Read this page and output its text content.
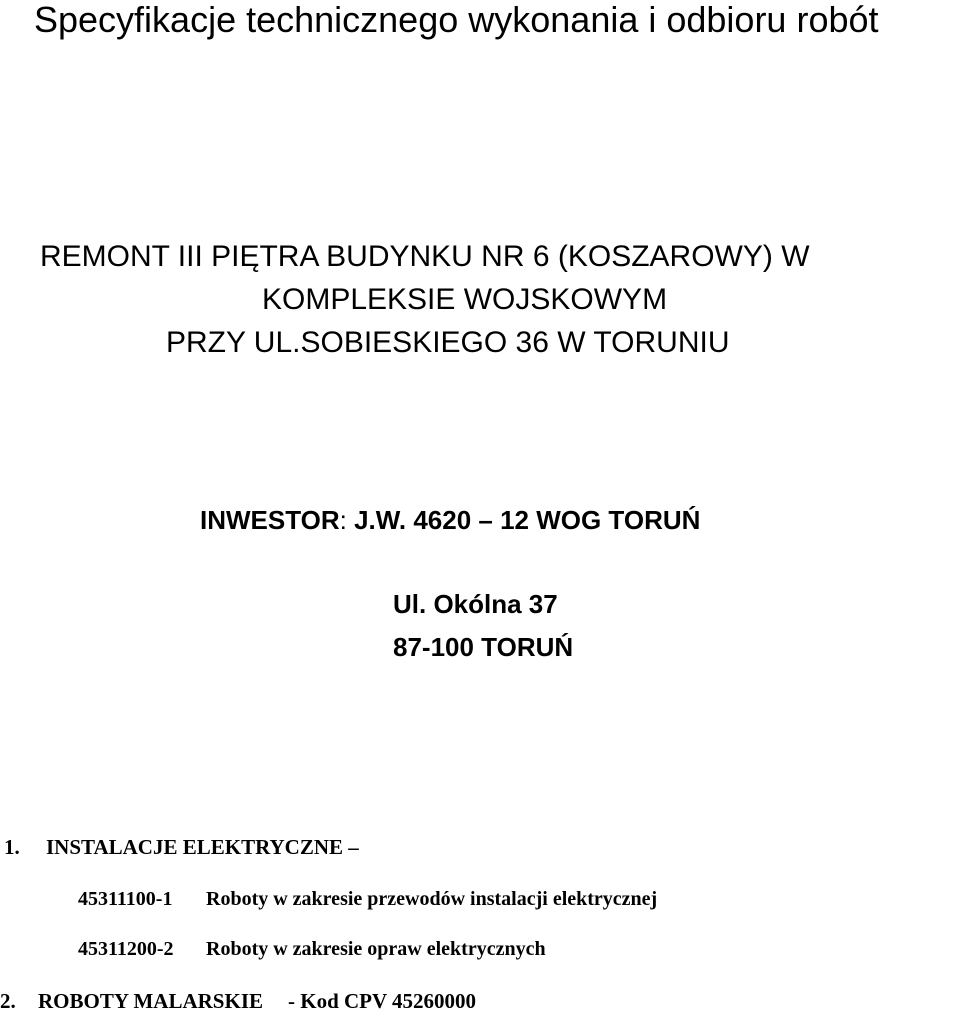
Specyfikacje technicznego wykonania i odbioru robót
REMONT III PIĘTRA BUDYNKU NR 6 (KOSZAROWY) W
KOMPLEKSIE WOJSKOWYM
PRZY UL.SOBIESKIEGO 36 W TORUNIU
INWESTOR: J.W. 4620 – 12 WOG TORUŃ
Ul. Okólna 37
87-100 TORUŃ
1. INSTALACJE ELEKTRYCZNE –
45311100-1 Roboty w zakresie przewodów instalacji elektrycznej
45311200-2 Roboty w zakresie opraw elektrycznych
2. ROBOTY MALARSKIE - Kod CPV 45260000
